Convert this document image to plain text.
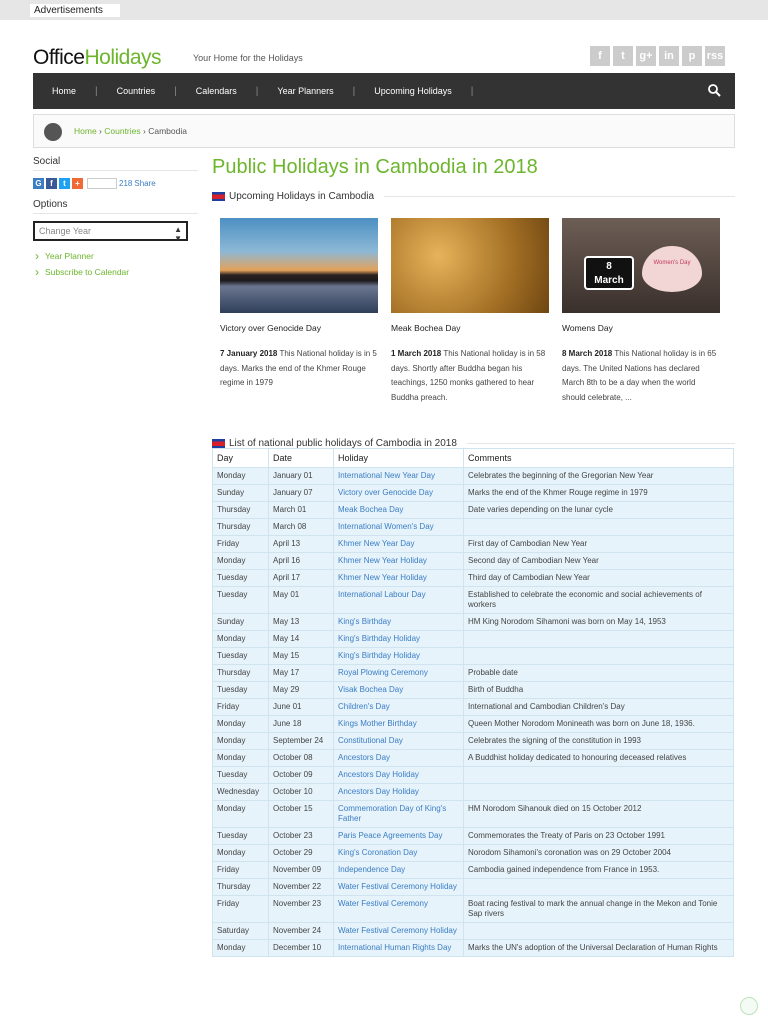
Advertisements
OfficeHolidays	Your Home for the Holidays	f	t	g+	in	p	rss
Home	|	Countries	|	Calendars	|	Year Planners	|	Upcoming Holidays	|
Home › Countries › Cambodia
Social
G	f	t	+	218 Share
Options
Change Year	▲
▼
› Year Planner
› Subscribe to Calendar
Public Holidays in Cambodia in 2018
Upcoming Holidays in Cambodia
Victory over Genocide Day
7 January 2018 This National holiday is in 5 days. Marks the end of the Khmer Rouge regime in 1979
Meak Bochea Day
1 March 2018 This National holiday is in 58 days. Shortly after Buddha began his teachings, 1250 monks gathered to hear Buddha preach.
8
March
Women's Day
Womens Day
8 March 2018 This National holiday is in 65 days. The United Nations has declared March 8th to be a day when the world should celebrate, ...
List of national public holidays of Cambodia in 2018
Day	Date	Holiday	Comments
Monday	January 01	International New Year Day	Celebrates the beginning of the Gregorian New Year
Sunday	January 07	Victory over Genocide Day	Marks the end of the Khmer Rouge regime in 1979
Thursday	March 01	Meak Bochea Day	Date varies depending on the lunar cycle
Thursday	March 08	International Women's Day	
Friday	April 13	Khmer New Year Day	First day of Cambodian New Year
Monday	April 16	Khmer New Year Holiday	Second day of Cambodian New Year
Tuesday	April 17	Khmer New Year Holiday	Third day of Cambodian New Year
Tuesday	May 01	International Labour Day	Established to celebrate the economic and social achievements of workers
Sunday	May 13	King's Birthday	HM King Norodom Sihamoni was born on May 14, 1953
Monday	May 14	King's Birthday Holiday	
Tuesday	May 15	King's Birthday Holiday	
Thursday	May 17	Royal Plowing Ceremony	Probable date
Tuesday	May 29	Visak Bochea Day	Birth of Buddha
Friday	June 01	Children's Day	International and Cambodian Children's Day
Monday	June 18	Kings Mother Birthday	Queen Mother Norodom Monineath was born on June 18, 1936.
Monday	September 24	Constitutional Day	Celebrates the signing of the constitution in 1993
Monday	October 08	Ancestors Day	A Buddhist holiday dedicated to honouring deceased relatives
Tuesday	October 09	Ancestors Day Holiday	
Wednesday	October 10	Ancestors Day Holiday	
Monday	October 15	Commemoration Day of King's Father	HM Norodom Sihanouk died on 15 October 2012
Tuesday	October 23	Paris Peace Agreements Day	Commemorates the Treaty of Paris on 23 October 1991
Monday	October 29	King's Coronation Day	Norodom Sihamoni's coronation was on 29 October 2004
Friday	November 09	Independence Day	Cambodia gained independence from France in 1953.
Thursday	November 22	Water Festival Ceremony Holiday	
Friday	November 23	Water Festival Ceremony	Boat racing festival to mark the annual change in the Mekon and Tonie Sap rivers
Saturday	November 24	Water Festival Ceremony Holiday	
Monday	December 10	International Human Rights Day	Marks the UN's adoption of the Universal Declaration of Human Rights
